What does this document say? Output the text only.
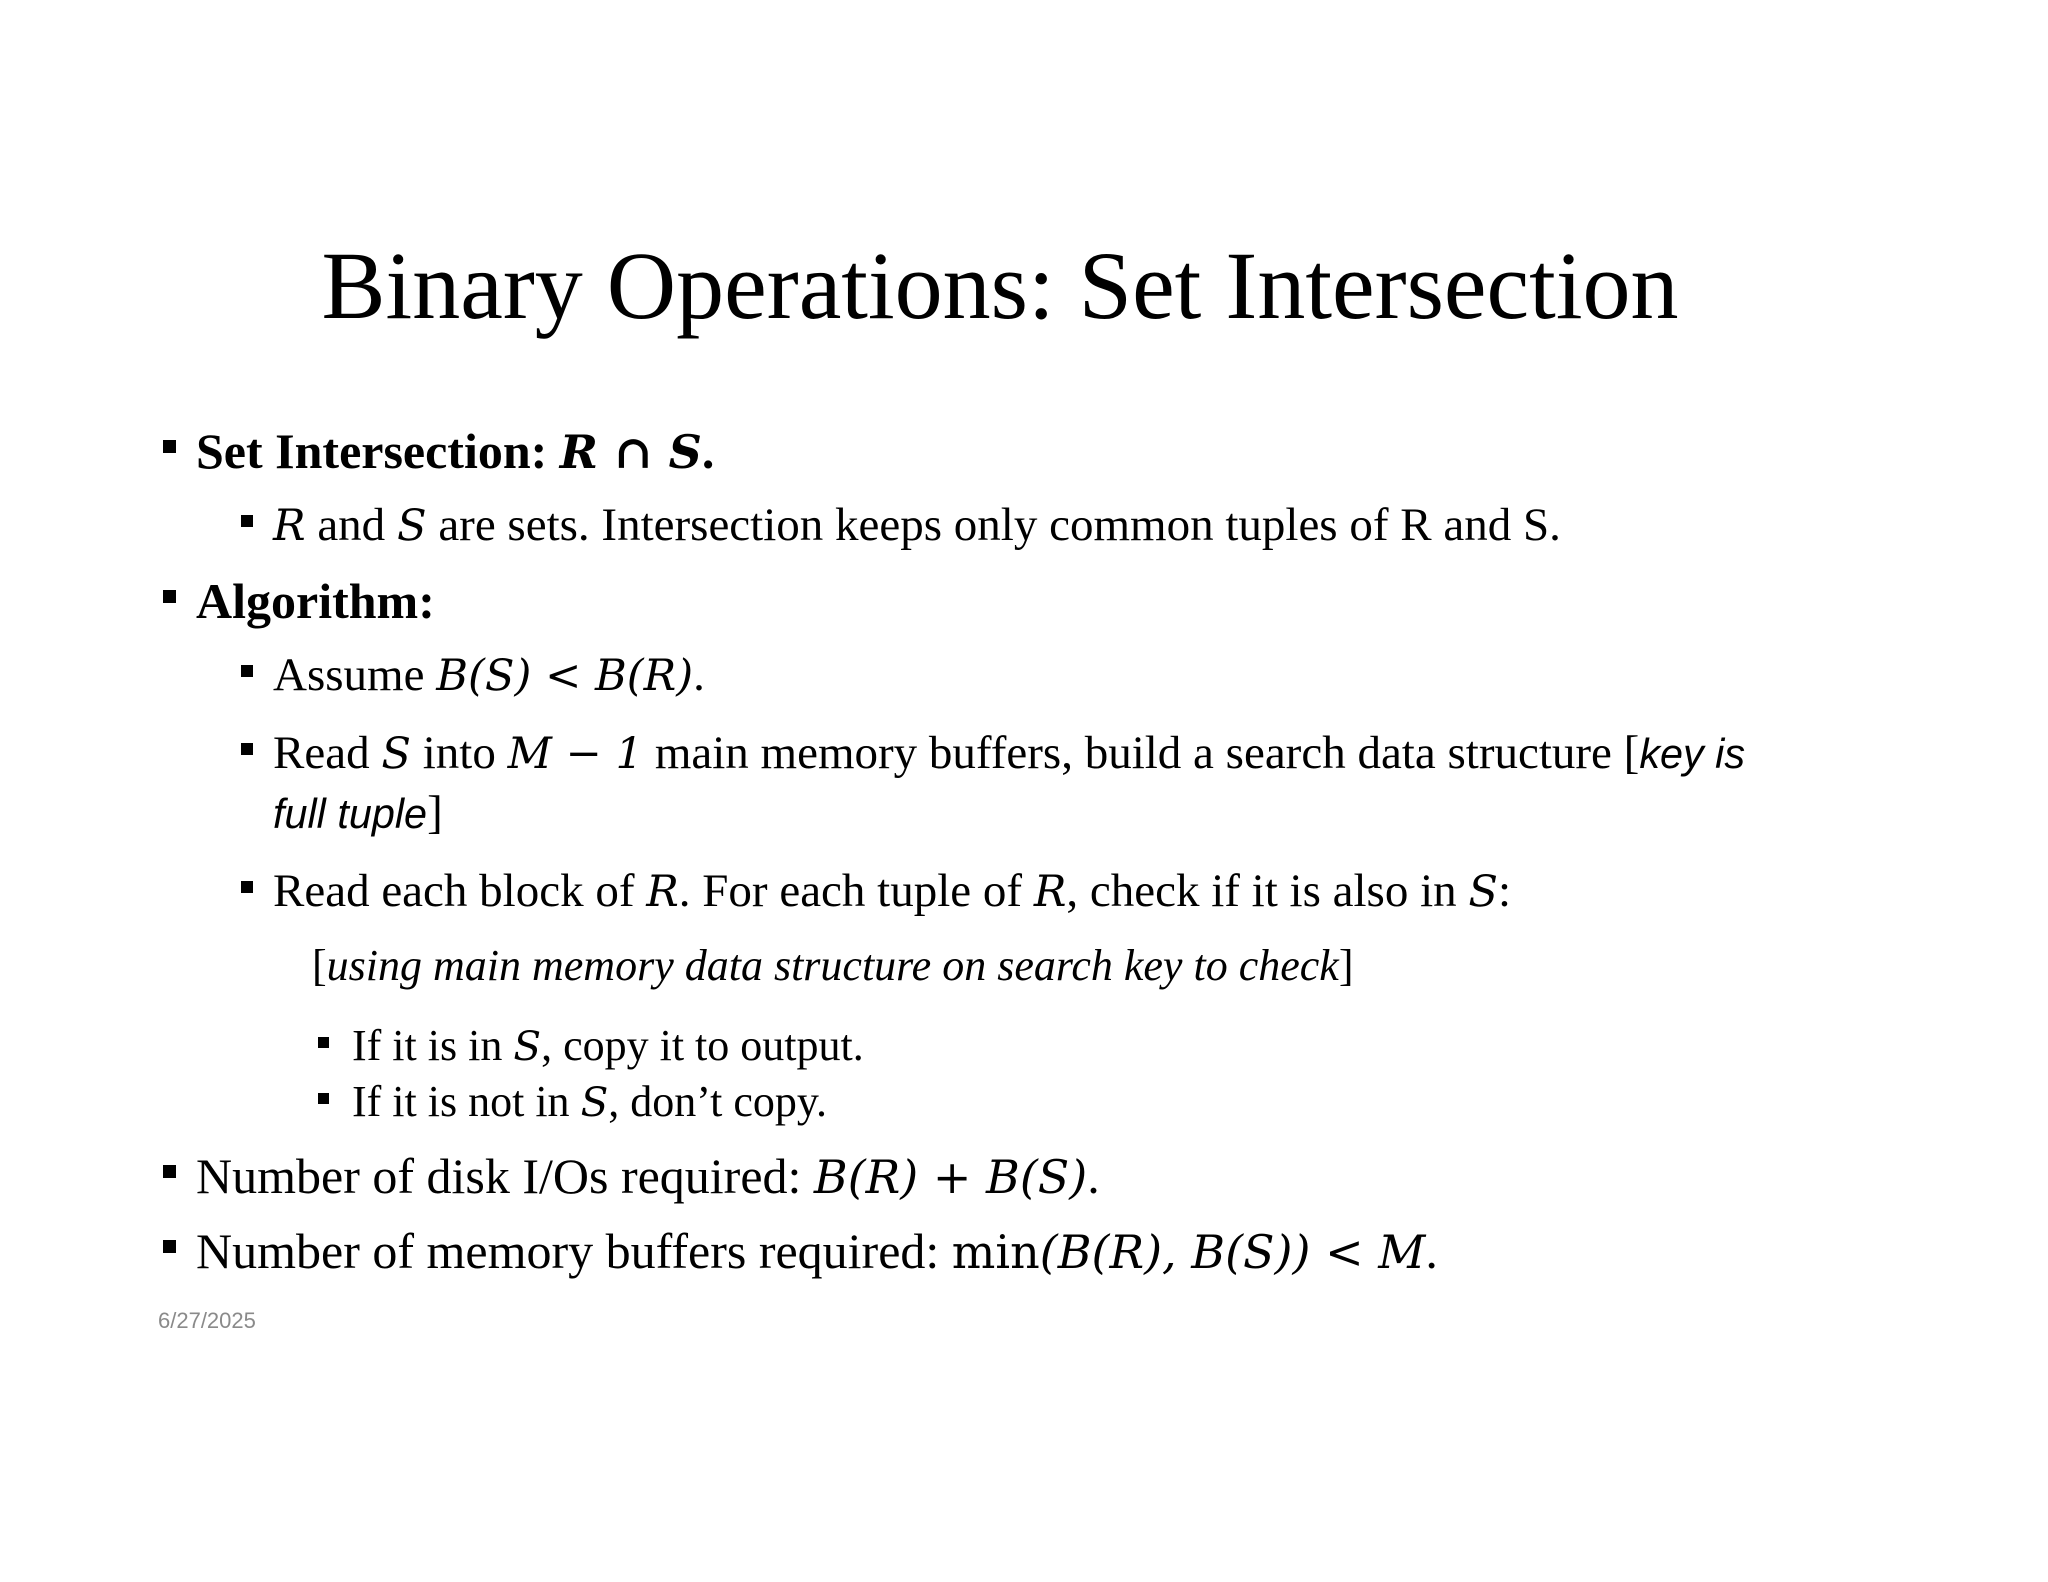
Binary Operations: Set Intersection
Set Intersection: R ∩ S.
R and S are sets. Intersection keeps only common tuples of R and S.
Algorithm:
Assume B(S) < B(R).
Read S into M − 1 main memory buffers, build a search data structure [key is
full tuple]
Read each block of R. For each tuple of R, check if it is also in S:
[using main memory data structure on search key to check]
If it is in S, copy it to output.
If it is not in S, don’t copy.
Number of disk I/Os required: B(R) + B(S).
Number of memory buffers required: min(B(R), B(S)) < M.
6/27/2025
